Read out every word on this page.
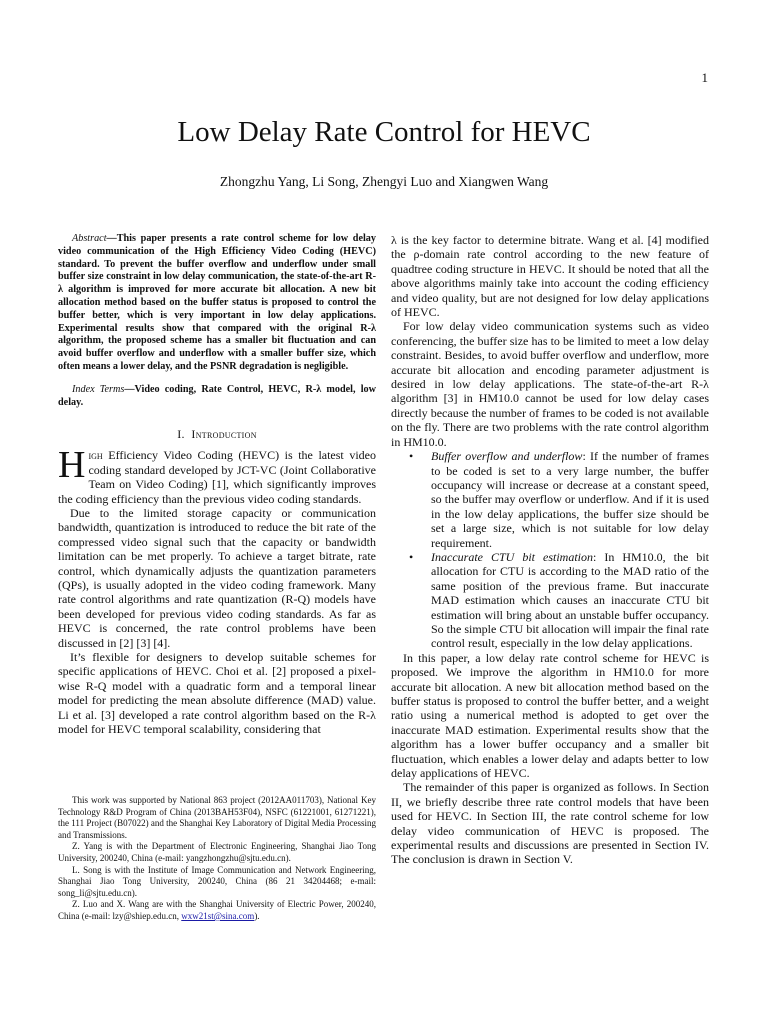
1
Low Delay Rate Control for HEVC
Zhongzhu Yang, Li Song, Zhengyi Luo and Xiangwen Wang

Abstract—This paper presents a rate control scheme for low delay video communication of the High Efficiency Video Coding (HEVC) standard. To prevent the buffer overflow and underflow under small buffer size constraint in low delay communication, the state-of-the-art R-λ algorithm is improved for more accurate bit allocation. A new bit allocation method based on the buffer status is proposed to control the buffer better, which is very important in low delay applications. Experimental results show that compared with the original R-λ algorithm, the proposed scheme has a smaller bit fluctuation and can avoid buffer overflow and underflow with a smaller buffer size, which often means a lower delay, and the PSNR degradation is negligible.

Index Terms—Video coding, Rate Control, HEVC, R-λ model, low delay.

I. Introduction

High Efficiency Video Coding (HEVC) is the latest video coding standard developed by JCT-VC (Joint Collaborative Team on Video Coding) [1], which significantly improves the coding efficiency than the previous video coding standards.

Due to the limited storage capacity or communication bandwidth, quantization is introduced to reduce the bit rate of the compressed video signal such that the capacity or bandwidth limitation can be met properly. To achieve a target bitrate, rate control, which dynamically adjusts the quantization parameters (QPs), is usually adopted in the video coding framework. Many rate control algorithms and rate quantization (R-Q) models have been developed for previous video coding standards. As far as HEVC is concerned, the rate control problems have been discussed in [2] [3] [4].

It’s flexible for designers to develop suitable schemes for specific applications of HEVC. Choi et al. [2] proposed a pixel-wise R-Q model with a quadratic form and a temporal linear model for predicting the mean absolute difference (MAD) value. Li et al. [3] developed a rate control algorithm based on the R-λ model for HEVC temporal scalability, considering that

λ is the key factor to determine bitrate. Wang et al. [4] modified the ρ-domain rate control according to the new feature of quadtree coding structure in HEVC. It should be noted that all the above algorithms mainly take into account the coding efficiency and video quality, but are not designed for low delay applications of HEVC.

For low delay video communication systems such as video conferencing, the buffer size has to be limited to meet a low delay constraint. Besides, to avoid buffer overflow and underflow, more accurate bit allocation and encoding parameter adjustment is desired in low delay applications. The state-of-the-art R-λ algorithm [3] in HM10.0 cannot be used for low delay cases directly because the number of frames to be coded is not available on the fly. There are two problems with the rate control algorithm in HM10.0.

• Buffer overflow and underflow: If the number of frames to be coded is set to a very large number, the buffer occupancy will increase or decrease at a constant speed, so the buffer may overflow or underflow. And if it is used in the low delay applications, the buffer size should be set a large size, which is not suitable for low delay requirement.
• Inaccurate CTU bit estimation: In HM10.0, the bit allocation for CTU is according to the MAD ratio of the same position of the previous frame. But inaccurate MAD estimation which causes an inaccurate CTU bit estimation will bring about an unstable buffer occupancy. So the simple CTU bit allocation will impair the final rate control result, especially in the low delay applications.

In this paper, a low delay rate control scheme for HEVC is proposed. We improve the algorithm in HM10.0 for more accurate bit allocation. A new bit allocation method based on the buffer status is proposed to control the buffer better, and a weight ratio using a numerical method is adopted to get over the inaccurate MAD estimation. Experimental results show that the algorithm has a lower buffer occupancy and a smaller bit fluctuation, which enables a lower delay and adapts better to low delay applications of HEVC.

The remainder of this paper is organized as follows. In Section II, we briefly describe three rate control models that have been used for HEVC. In Section III, the rate control scheme for low delay video communication of HEVC is proposed. The experimental results and discussions are presented in Section IV. The conclusion is drawn in Section V.

This work was supported by National 863 project (2012AA011703), National Key Technology R&D Program of China (2013BAH53F04), NSFC (61221001, 61271221), the 111 Project (B07022) and the Shanghai Key Laboratory of Digital Media Processing and Transmissions.

Z. Yang is with the Department of Electronic Engineering, Shanghai Jiao Tong University, 200240, China (e-mail: yangzhongzhu@sjtu.edu.cn).

L. Song is with the Institute of Image Communication and Network Engineering, Shanghai Jiao Tong University, 200240, China (86 21 34204468; e-mail: song_li@sjtu.edu.cn).

Z. Luo and X. Wang are with the Shanghai University of Electric Power, 200240, China (e-mail: lzy@shiep.edu.cn, wxw21st@sina.com).
